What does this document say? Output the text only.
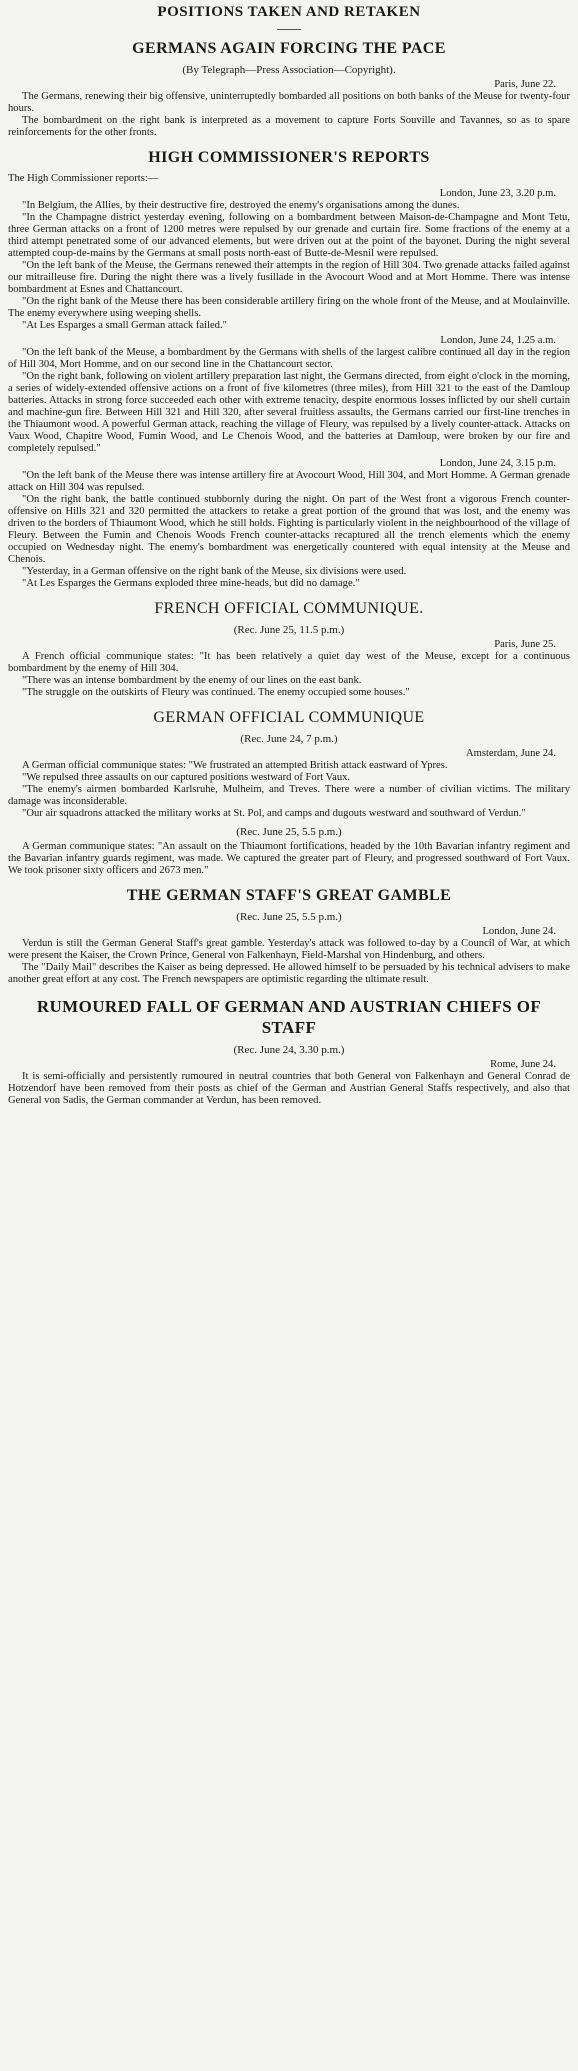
POSITIONS TAKEN AND RETAKEN
GERMANS AGAIN FORCING THE PACE
(By Telegraph—Press Association—Copyright).
Paris, June 22.

The Germans, renewing their big offensive, uninterruptedly bombarded all positions on both banks of the Meuse for twenty-four hours.

The bombardment on the right bank is interpreted as a movement to capture Forts Souville and Tavannes, so as to spare reinforcements for the other fronts.

HIGH COMMISSIONER'S REPORTS

The High Commissioner reports:—

London, June 23, 3.20 p.m.

"In Belgium, the Allies, by their destructive fire, destroyed the enemy's organisations among the dunes.

"In the Champagne district yesterday evening, following on a bombardment between Maison-de-Champagne and Mont Tetu, three German attacks on a front of 1200 metres were repulsed by our grenade and curtain fire. Some fractions of the enemy at a third attempt penetrated some of our advanced elements, but were driven out at the point of the bayonet. During the night several attempted coup-de-mains by the Germans at small posts north-east of Butte-de-Mesnil were repulsed.

"On the left bank of the Meuse, the Germans renewed their attempts in the region of Hill 304. Two grenade attacks failed against our mitrailleuse fire. During the night there was a lively fusillade in the Avocourt Wood and at Mort Homme. There was intense bombardment at Esnes and Chattancourt.

"On the right bank of the Meuse there has been considerable artillery firing on the whole front of the Meuse, and at Moulainville. The enemy everywhere using weeping shells.

"At Les Esparges a small German attack failed."

London, June 24, 1.25 a.m.

"On the left bank of the Meuse, a bombardment by the Germans with shells of the largest calibre continued all day in the region of Hill 304, Mort Homme, and on our second line in the Chattancourt sector.

"On the right bank, following on violent artillery preparation last night, the Germans directed, from eight o'clock in the morning, a series of widely-extended offensive actions on a front of five kilometres (three miles), from Hill 321 to the east of the Damloup batteries. Attacks in strong force succeeded each other with extreme tenacity, despite enormous losses inflicted by our shell curtain and machine-gun fire. Between Hill 321 and Hill 320, after several fruitless assaults, the Germans carried our first-line trenches in the Thiaumont wood. A powerful German attack, reaching the village of Fleury, was repulsed by a lively counter-attack. Attacks on Vaux Wood, Chapitre Wood, Fumin Wood, and Le Chenois Wood, and the batteries at Damloup, were broken by our fire and completely repulsed."

London, June 24, 3.15 p.m.

"On the left bank of the Meuse there was intense artillery fire at Avocourt Wood, Hill 304, and Mort Homme. A German grenade attack on Hill 304 was repulsed.

"On the right bank, the battle continued stubbornly during the night. On part of the West front a vigorous French counter-offensive on Hills 321 and 320 permitted the attackers to retake a great portion of the ground that was lost, and the enemy was driven to the borders of Thiaumont Wood, which he still holds. Fighting is particularly violent in the neighbourhood of the village of Fleury. Between the Fumin and Chenois Woods French counter-attacks recaptured all the trench elements which the enemy occupied on Wednesday night. The enemy's bombardment was energetically countered with equal intensity at the Meuse and Chenois.

"Yesterday, in a German offensive on the right bank of the Meuse, six divisions were used.

"At Les Esparges the Germans exploded three mine-heads, but did no damage."

FRENCH OFFICIAL COMMUNIQUE.
(Rec. June 25, 11.5 p.m.)
Paris, June 25.

A French official communique states: "It has been relatively a quiet day west of the Meuse, except for a continuous bombardment by the enemy of Hill 304.

"There was an intense bombardment by the enemy of our lines on the east bank.

"The struggle on the outskirts of Fleury was continued. The enemy occupied some houses."

GERMAN OFFICIAL COMMUNIQUE
(Rec. June 24, 7 p.m.)
Amsterdam, June 24.

A German official communique states: "We frustrated an attempted British attack eastward of Ypres.

"We repulsed three assaults on our captured positions westward of Fort Vaux.

"The enemy's airmen bombarded Karlsruhe, Mulheim, and Treves. There were a number of civilian victims. The military damage was inconsiderable.

"Our air squadrons attacked the military works at St. Pol, and camps and dugouts westward and southward of Verdun."

(Rec. June 25, 5.5 p.m.)

A German communique states: "An assault on the Thiaumont fortifications, headed by the 10th Bavarian infantry regiment and the Bavarian infantry guards regiment, was made. We captured the greater part of Fleury, and progressed southward of Fort Vaux. We took prisoner sixty officers and 2673 men."

THE GERMAN STAFF'S GREAT GAMBLE
(Rec. June 25, 5.5 p.m.)
London, June 24.

Verdun is still the German General Staff's great gamble. Yesterday's attack was followed to-day by a Council of War, at which were present the Kaiser, the Crown Prince, General von Falkenhayn, Field-Marshal von Hindenburg, and others.

The "Daily Mail" describes the Kaiser as being depressed. He allowed himself to be persuaded by his technical advisers to make another great effort at any cost. The French newspapers are optimistic regarding the ultimate result.

RUMOURED FALL OF GERMAN AND AUSTRIAN CHIEFS OF STAFF
(Rec. June 24, 3.30 p.m.)
Rome, June 24.

It is semi-officially and persistently rumoured in neutral countries that both General von Falkenhayn and General Conrad de Hotzendorf have been removed from their posts as chief of the German and Austrian General Staffs respectively, and also that General von Sadis, the German commander at Verdun, has been removed.
